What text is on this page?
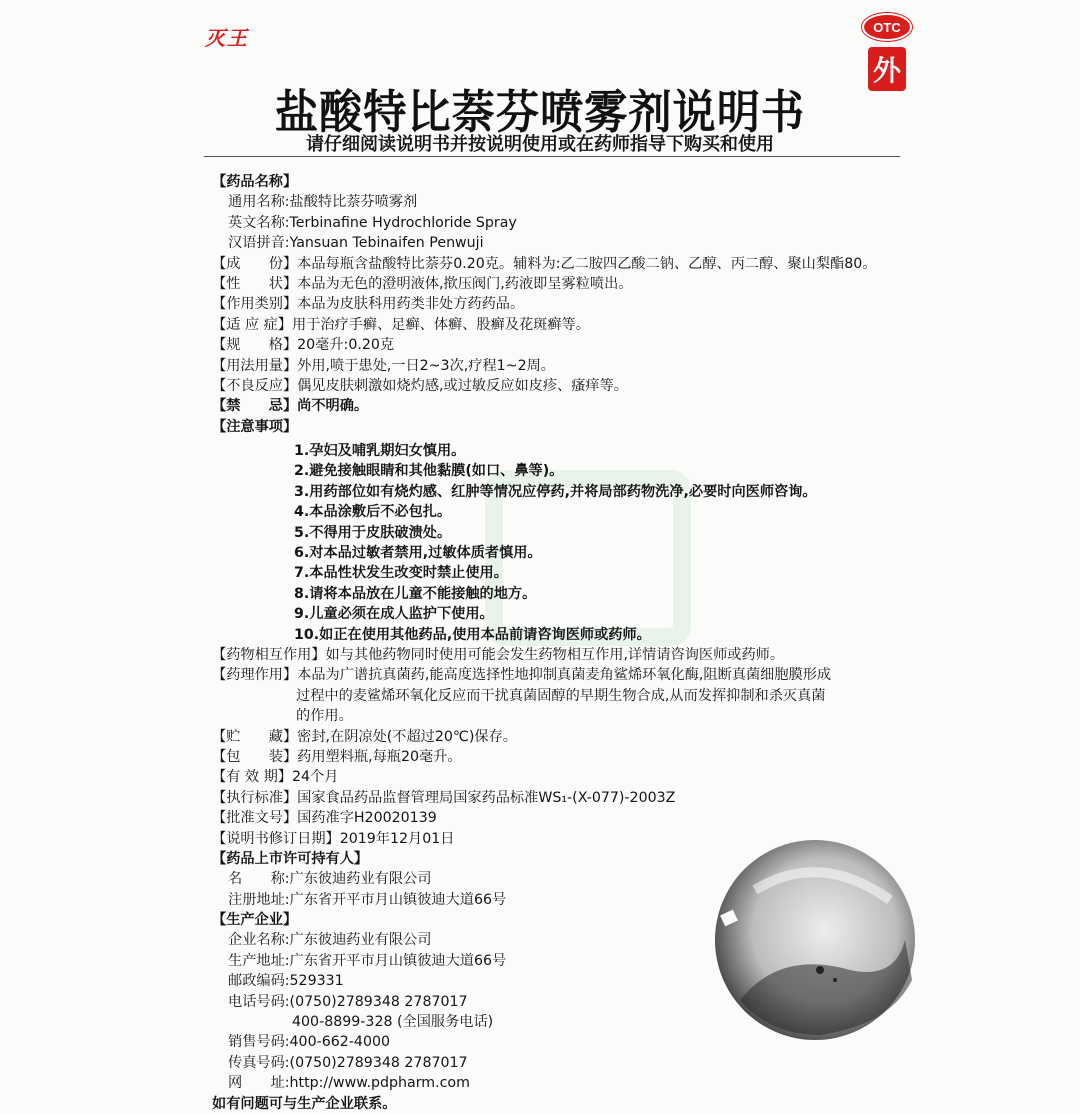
灭王	OTC
外
盐酸特比萘芬喷雾剂说明书
请仔细阅读说明书并按说明使用或在药师指导下购买和使用
【药品名称】
通用名称:盐酸特比萘芬喷雾剂
英文名称:Terbinafine Hydrochloride Spray
汉语拼音:Yansuan Tebinaifen Penwuji
【成　　份】本品每瓶含盐酸特比萘芬0.20克。辅料为:乙二胺四乙酸二钠、乙醇、丙二醇、聚山梨酯80。
【性　　状】本品为无色的澄明液体,揿压阀门,药液即呈雾粒喷出。
【作用类别】本品为皮肤科用药类非处方药药品。
【适 应 症】用于治疗手癣、足癣、体癣、股癣及花斑癣等。
【规　　格】20毫升:0.20克
【用法用量】外用,喷于患处,一日2~3次,疗程1~2周。
【不良反应】偶见皮肤刺激如烧灼感,或过敏反应如皮疹、瘙痒等。
【禁　　忌】尚不明确。
【注意事项】
1.孕妇及哺乳期妇女慎用。
2.避免接触眼睛和其他黏膜(如口、鼻等)。
3.用药部位如有烧灼感、红肿等情况应停药,并将局部药物洗净,必要时向医师咨询。
4.本品涂敷后不必包扎。
5.不得用于皮肤破溃处。
6.对本品过敏者禁用,过敏体质者慎用。
7.本品性状发生改变时禁止使用。
8.请将本品放在儿童不能接触的地方。
9.儿童必须在成人监护下使用。
10.如正在使用其他药品,使用本品前请咨询医师或药师。
【药物相互作用】如与其他药物同时使用可能会发生药物相互作用,详情请咨询医师或药师。
【药理作用】本品为广谱抗真菌药,能高度选择性地抑制真菌麦角鲨烯环氧化酶,阻断真菌细胞膜形成
过程中的麦鲨烯环氧化反应而干扰真菌固醇的早期生物合成,从而发挥抑制和杀灭真菌
的作用。
【贮　　藏】密封,在阴凉处(不超过20℃)保存。
【包　　装】药用塑料瓶,每瓶20毫升。
【有 效 期】24个月
【执行标准】国家食品药品监督管理局国家药品标准WS₁-(X-077)-2003Z
【批准文号】国药准字H20020139
【说明书修订日期】2019年12月01日
【药品上市许可持有人】
名　　称:广东彼迪药业有限公司
注册地址:广东省开平市月山镇彼迪大道66号
【生产企业】
企业名称:广东彼迪药业有限公司
生产地址:广东省开平市月山镇彼迪大道66号
邮政编码:529331
电话号码:(0750)2789348 2787017
400-8899-328 (全国服务电话)
销售号码:400-662-4000
传真号码:(0750)2789348 2787017
网　　址:http://www.pdpharm.com
如有问题可与生产企业联系。
